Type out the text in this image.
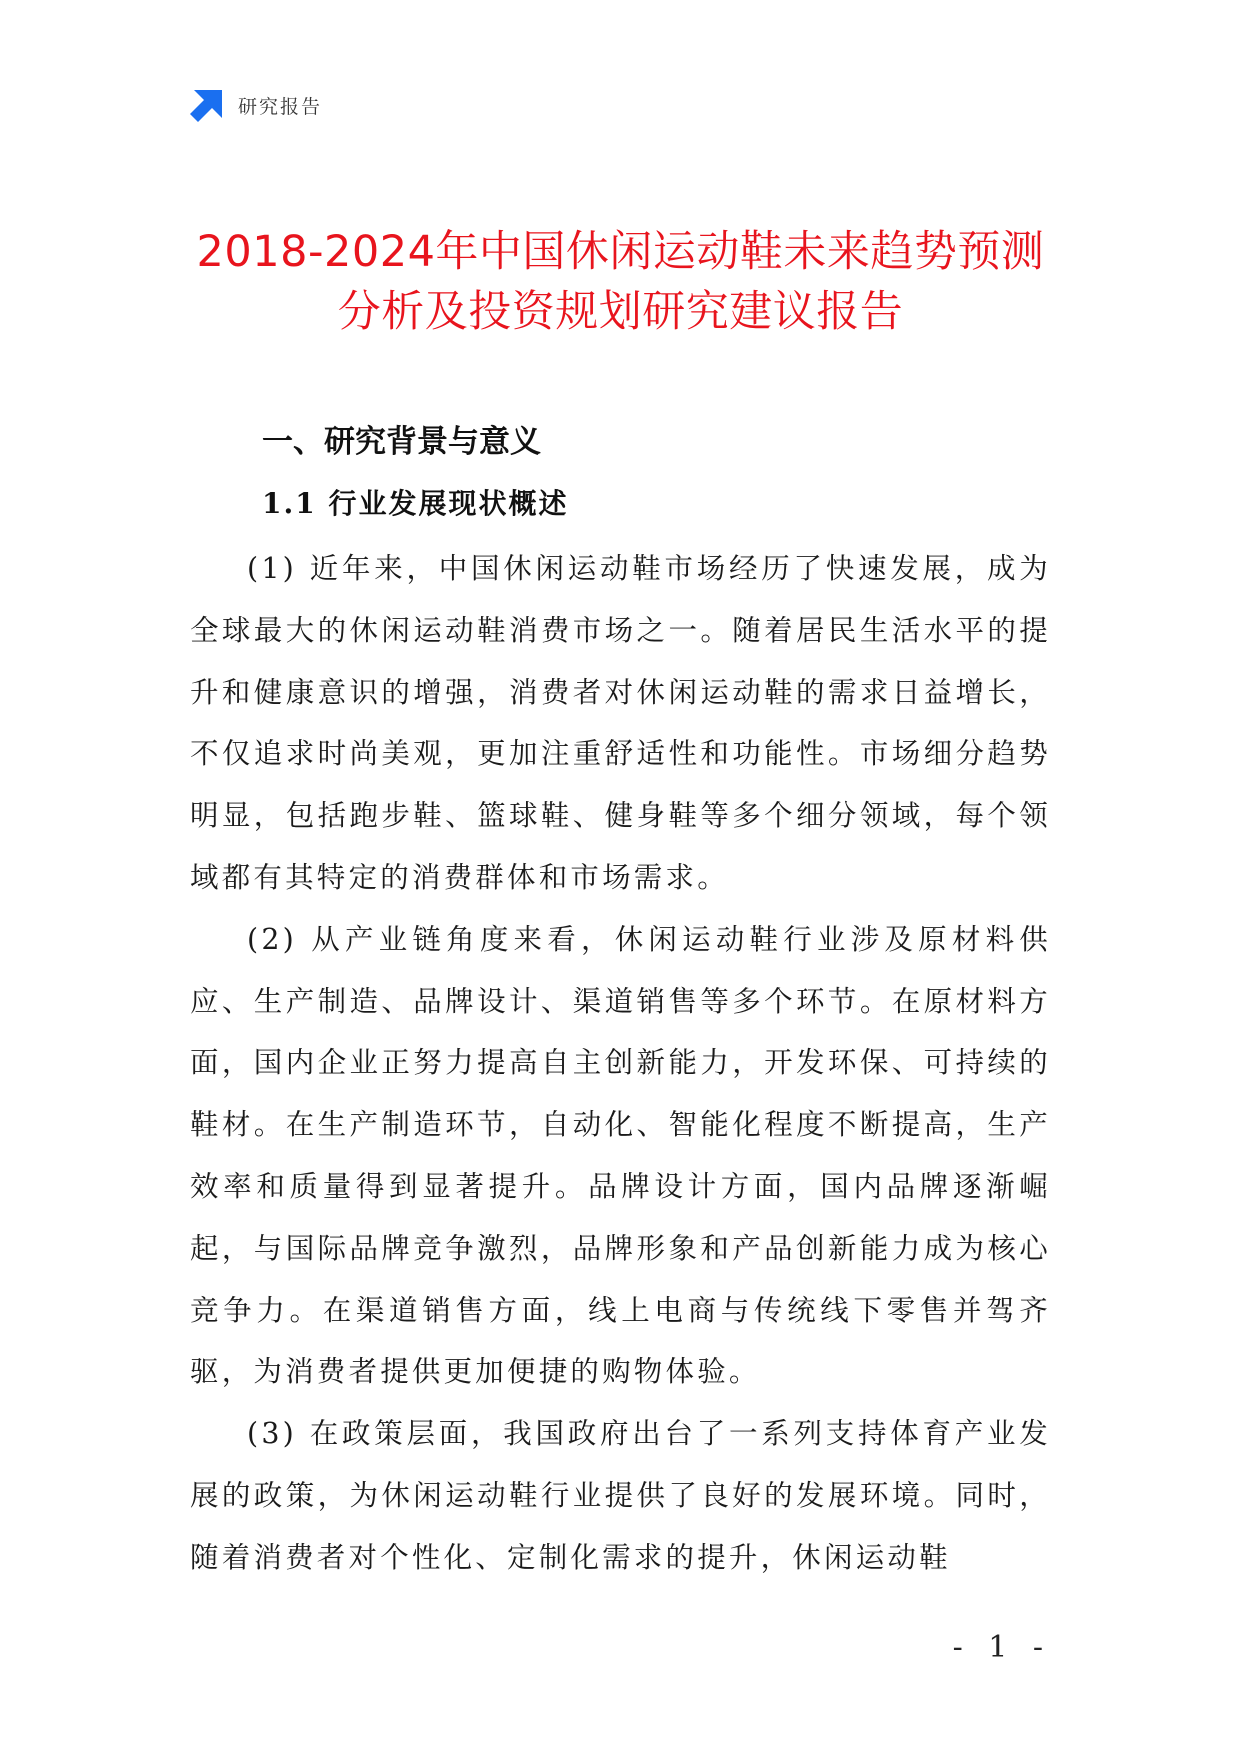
研究报告
2018-2024年中国休闲运动鞋未来趋势预测
分析及投资规划研究建议报告
一、研究背景与意义
1.1 行业发展现状概述

(1) 近年来，中国休闲运动鞋市场经历了快速发展，成为全球最大的休闲运动鞋消费市场之一。随着居民生活水平的提升和健康意识的增强，消费者对休闲运动鞋的需求日益增长，不仅追求时尚美观，更加注重舒适性和功能性。市场细分趋势明显，包括跑步鞋、篮球鞋、健身鞋等多个细分领域，每个领域都有其特定的消费群体和市场需求。

(2) 从产业链角度来看，休闲运动鞋行业涉及原材料供应、生产制造、品牌设计、渠道销售等多个环节。在原材料方面，国内企业正努力提高自主创新能力，开发环保、可持续的鞋材。在生产制造环节，自动化、智能化程度不断提高，生产效率和质量得到显著提升。品牌设计方面，国内品牌逐渐崛起，与国际品牌竞争激烈，品牌形象和产品创新能力成为核心竞争力。在渠道销售方面，线上电商与传统线下零售并驾齐驱，为消费者提供更加便捷的购物体验。

(3) 在政策层面，我国政府出台了一系列支持体育产业发展的政策，为休闲运动鞋行业提供了良好的发展环境。同时，随着消费者对个性化、定制化需求的提升，休闲运动鞋

- 1 -
